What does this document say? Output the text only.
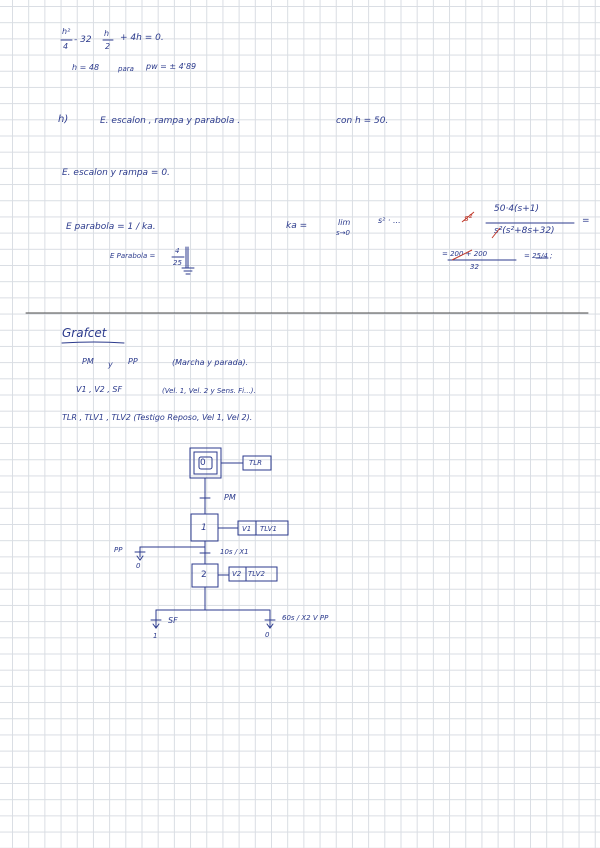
h²
4
- 32
h
2
+ 4h = 0.
h = 48	para pw = ± 4'89
h)	E. escalon , rampa y parabola .	con h = 50.
E. escalon y rampa = 0.
E parabola = 1 / ka.	ka =	lim
s→0
s² · ...	s²
50·4(s+1)
s²(s²+8s+32)
=
= 200 + 200
32
= 25/4 ;
E Parabola =
4
25
Grafcet
PM y PP	(Marcha y parada).
V1 , V2 , SF	(Vel. 1, Vel. 2 y Sens. Fi...).
TLR , TLV1 , TLV2 (Testigo Reposo, Vel 1, Vel 2).
0
1
2
TLR
V1 TLV1
V2 TLV2
PM
PP
0
10s / X1
SF
1
60s / X2 V PP
0
